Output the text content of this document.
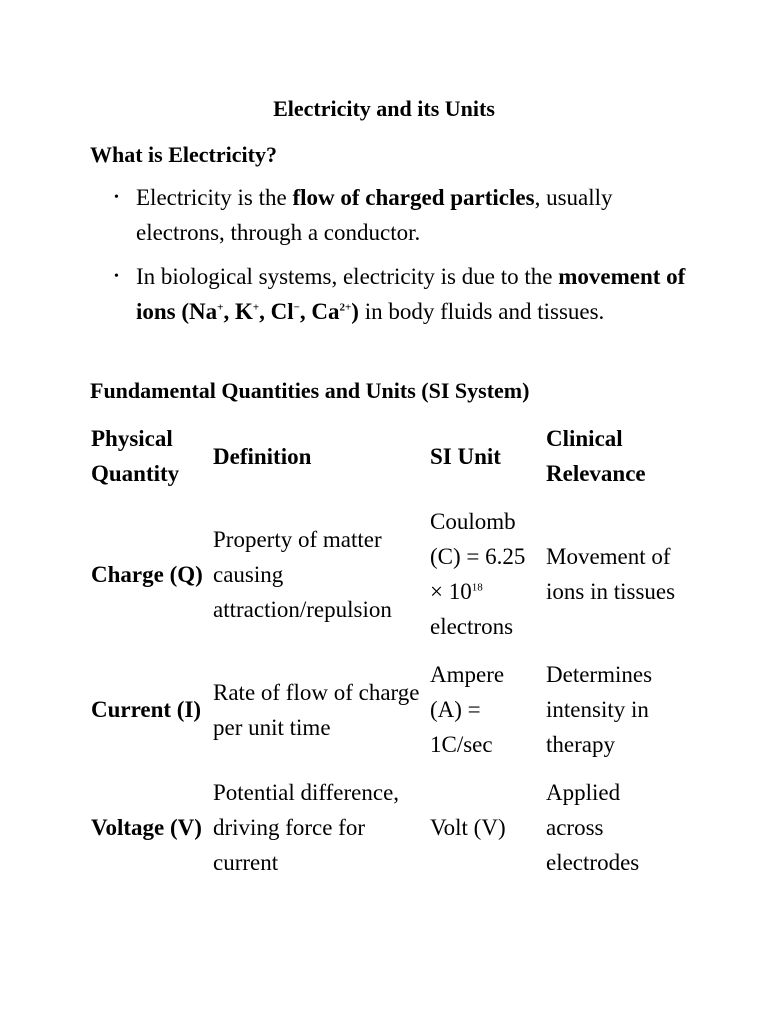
Electricity and its Units
What is Electricity?
• Electricity is the flow of charged particles, usually electrons, through a conductor.
• In biological systems, electricity is due to the movement of ions (Na+, K+, Cl−, $Ca^{2+}$) in body fluids and tissues.
Fundamental Quantities and Units (SI System)
Physical Quantity	Definition	SI Unit	Clinical Relevance
Charge (Q)	Property of matter causing attraction/repulsion	Coulomb $(C) = 6.25 \times 10^{18}$ electrons	Movement of ions in tissues
Current (I)	Rate of flow of charge per unit time	Ampere (A) = 1C/sec	Determines intensity in therapy
Voltage (V)	Potential difference, driving force for current	Volt (V)	Applied across electrodes
